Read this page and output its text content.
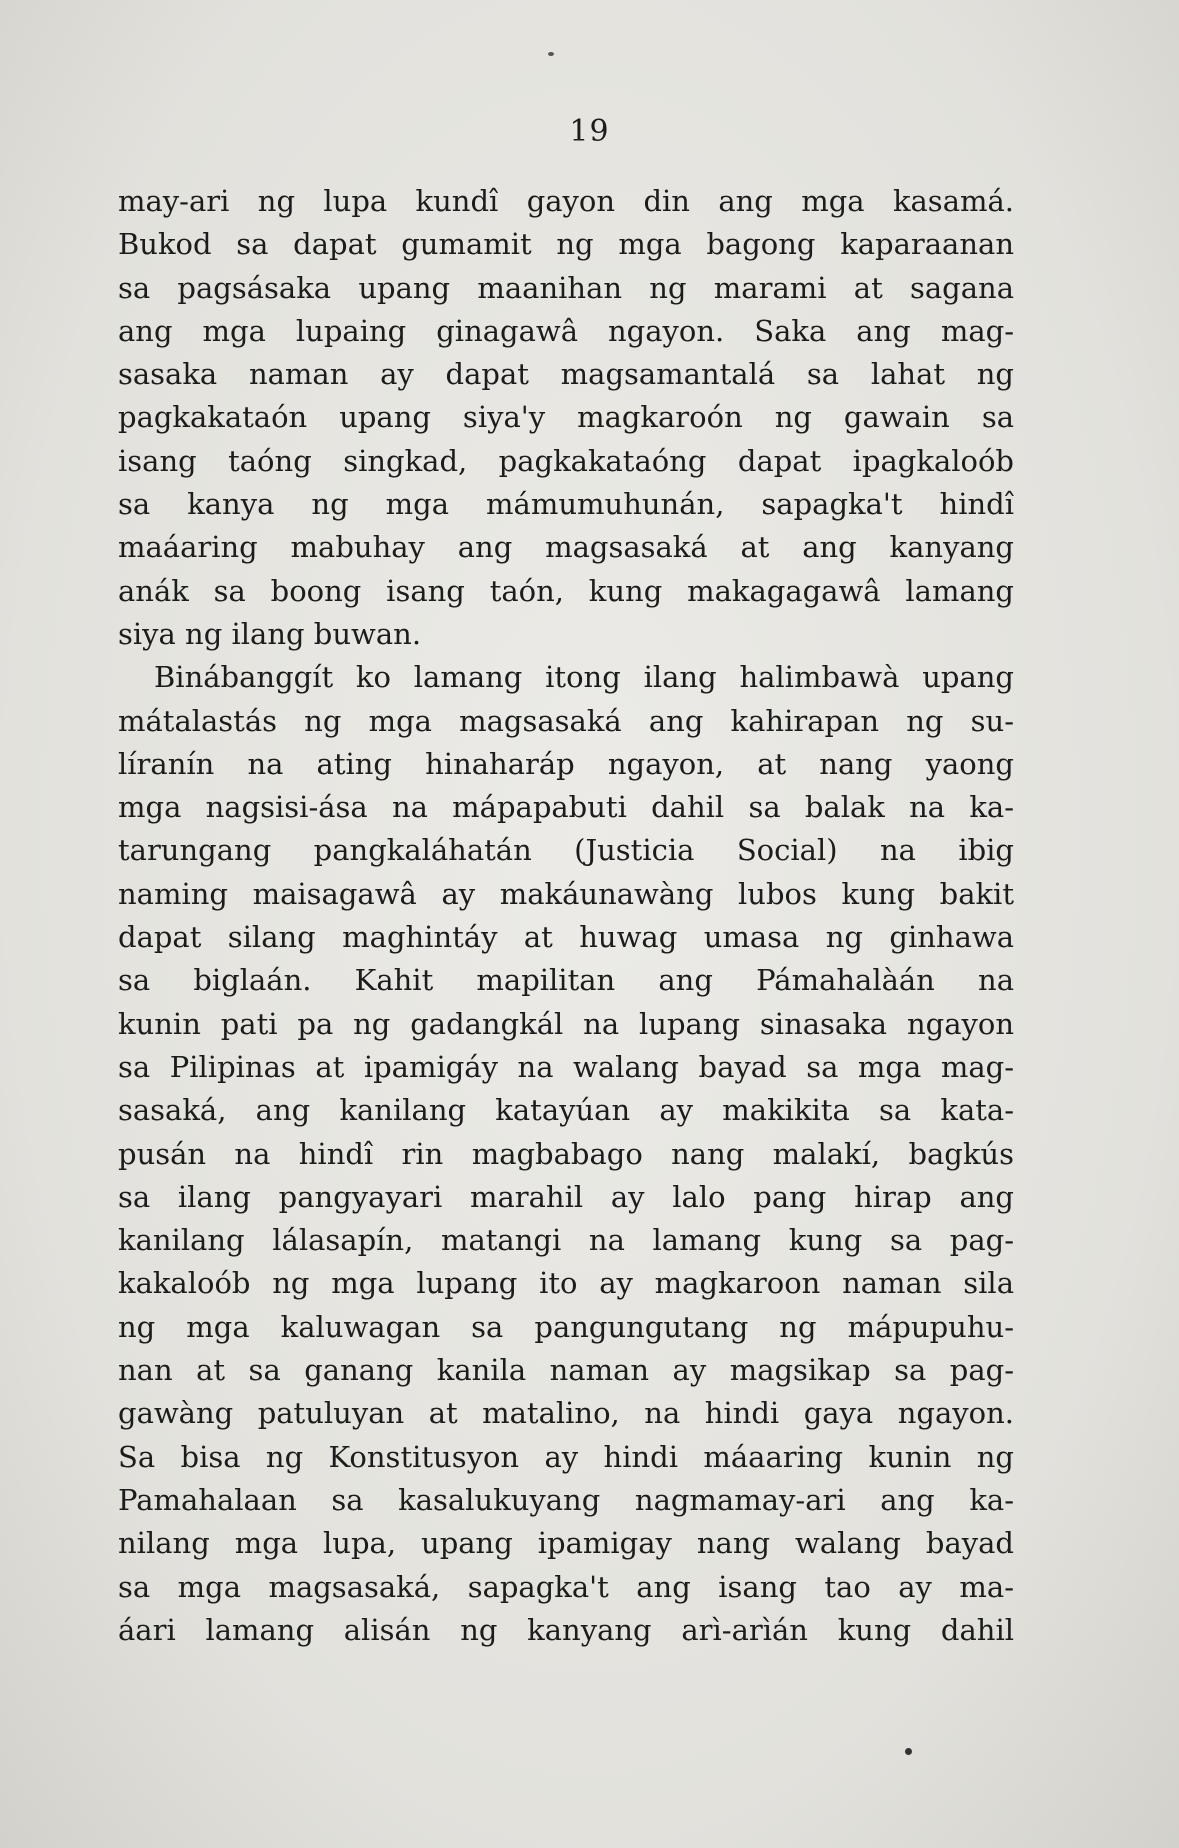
19
may-ari ng lupa kundî gayon din ang mga kasamá.
Bukod sa dapat gumamit ng mga bagong kaparaanan
sa pagsásaka upang maanihan ng marami at sagana
ang mga lupaing ginagawâ ngayon. Saka ang mag-
sasaka naman ay dapat magsamantalá sa lahat ng
pagkakataón upang siya'y magkaroón ng gawain sa
isang taóng singkad, pagkakataóng dapat ipagkaloób
sa kanya ng mga mámumuhunán, sapagka't hindî
maáaring mabuhay ang magsasaká at ang kanyang
anák sa boong isang taón, kung makagagawâ lamang
siya ng ilang buwan.
Binábanggít ko lamang itong ilang halimbawà upang
mátalastás ng mga magsasaká ang kahirapan ng su-
líranín na ating hinaharáp ngayon, at nang yaong
mga nagsisi-ása na mápapabuti dahil sa balak na ka-
tarungang pangkaláhatán (Justicia Social) na ibig
naming maisagawâ ay makáunawàng lubos kung bakit
dapat silang maghintáy at huwag umasa ng ginhawa
sa biglaán. Kahit mapilitan ang Pámahalàán na
kunin pati pa ng gadangkál na lupang sinasaka ngayon
sa Pilipinas at ipamigáy na walang bayad sa mga mag-
sasaká, ang kanilang katayúan ay makikita sa kata-
pusán na hindî rin magbabago nang malakí, bagkús
sa ilang pangyayari marahil ay lalo pang hirap ang
kanilang lálasapín, matangi na lamang kung sa pag-
kakaloób ng mga lupang ito ay magkaroon naman sila
ng mga kaluwagan sa pangungutang ng mápupuhu-
nan at sa ganang kanila naman ay magsikap sa pag-
gawàng patuluyan at matalino, na hindi gaya ngayon.
Sa bisa ng Konstitusyon ay hindi máaaring kunin ng
Pamahalaan sa kasalukuyang nagmamay-ari ang ka-
nilang mga lupa, upang ipamigay nang walang bayad
sa mga magsasaká, sapagka't ang isang tao ay ma-
áari lamang alisán ng kanyang arì-arìán kung dahil
